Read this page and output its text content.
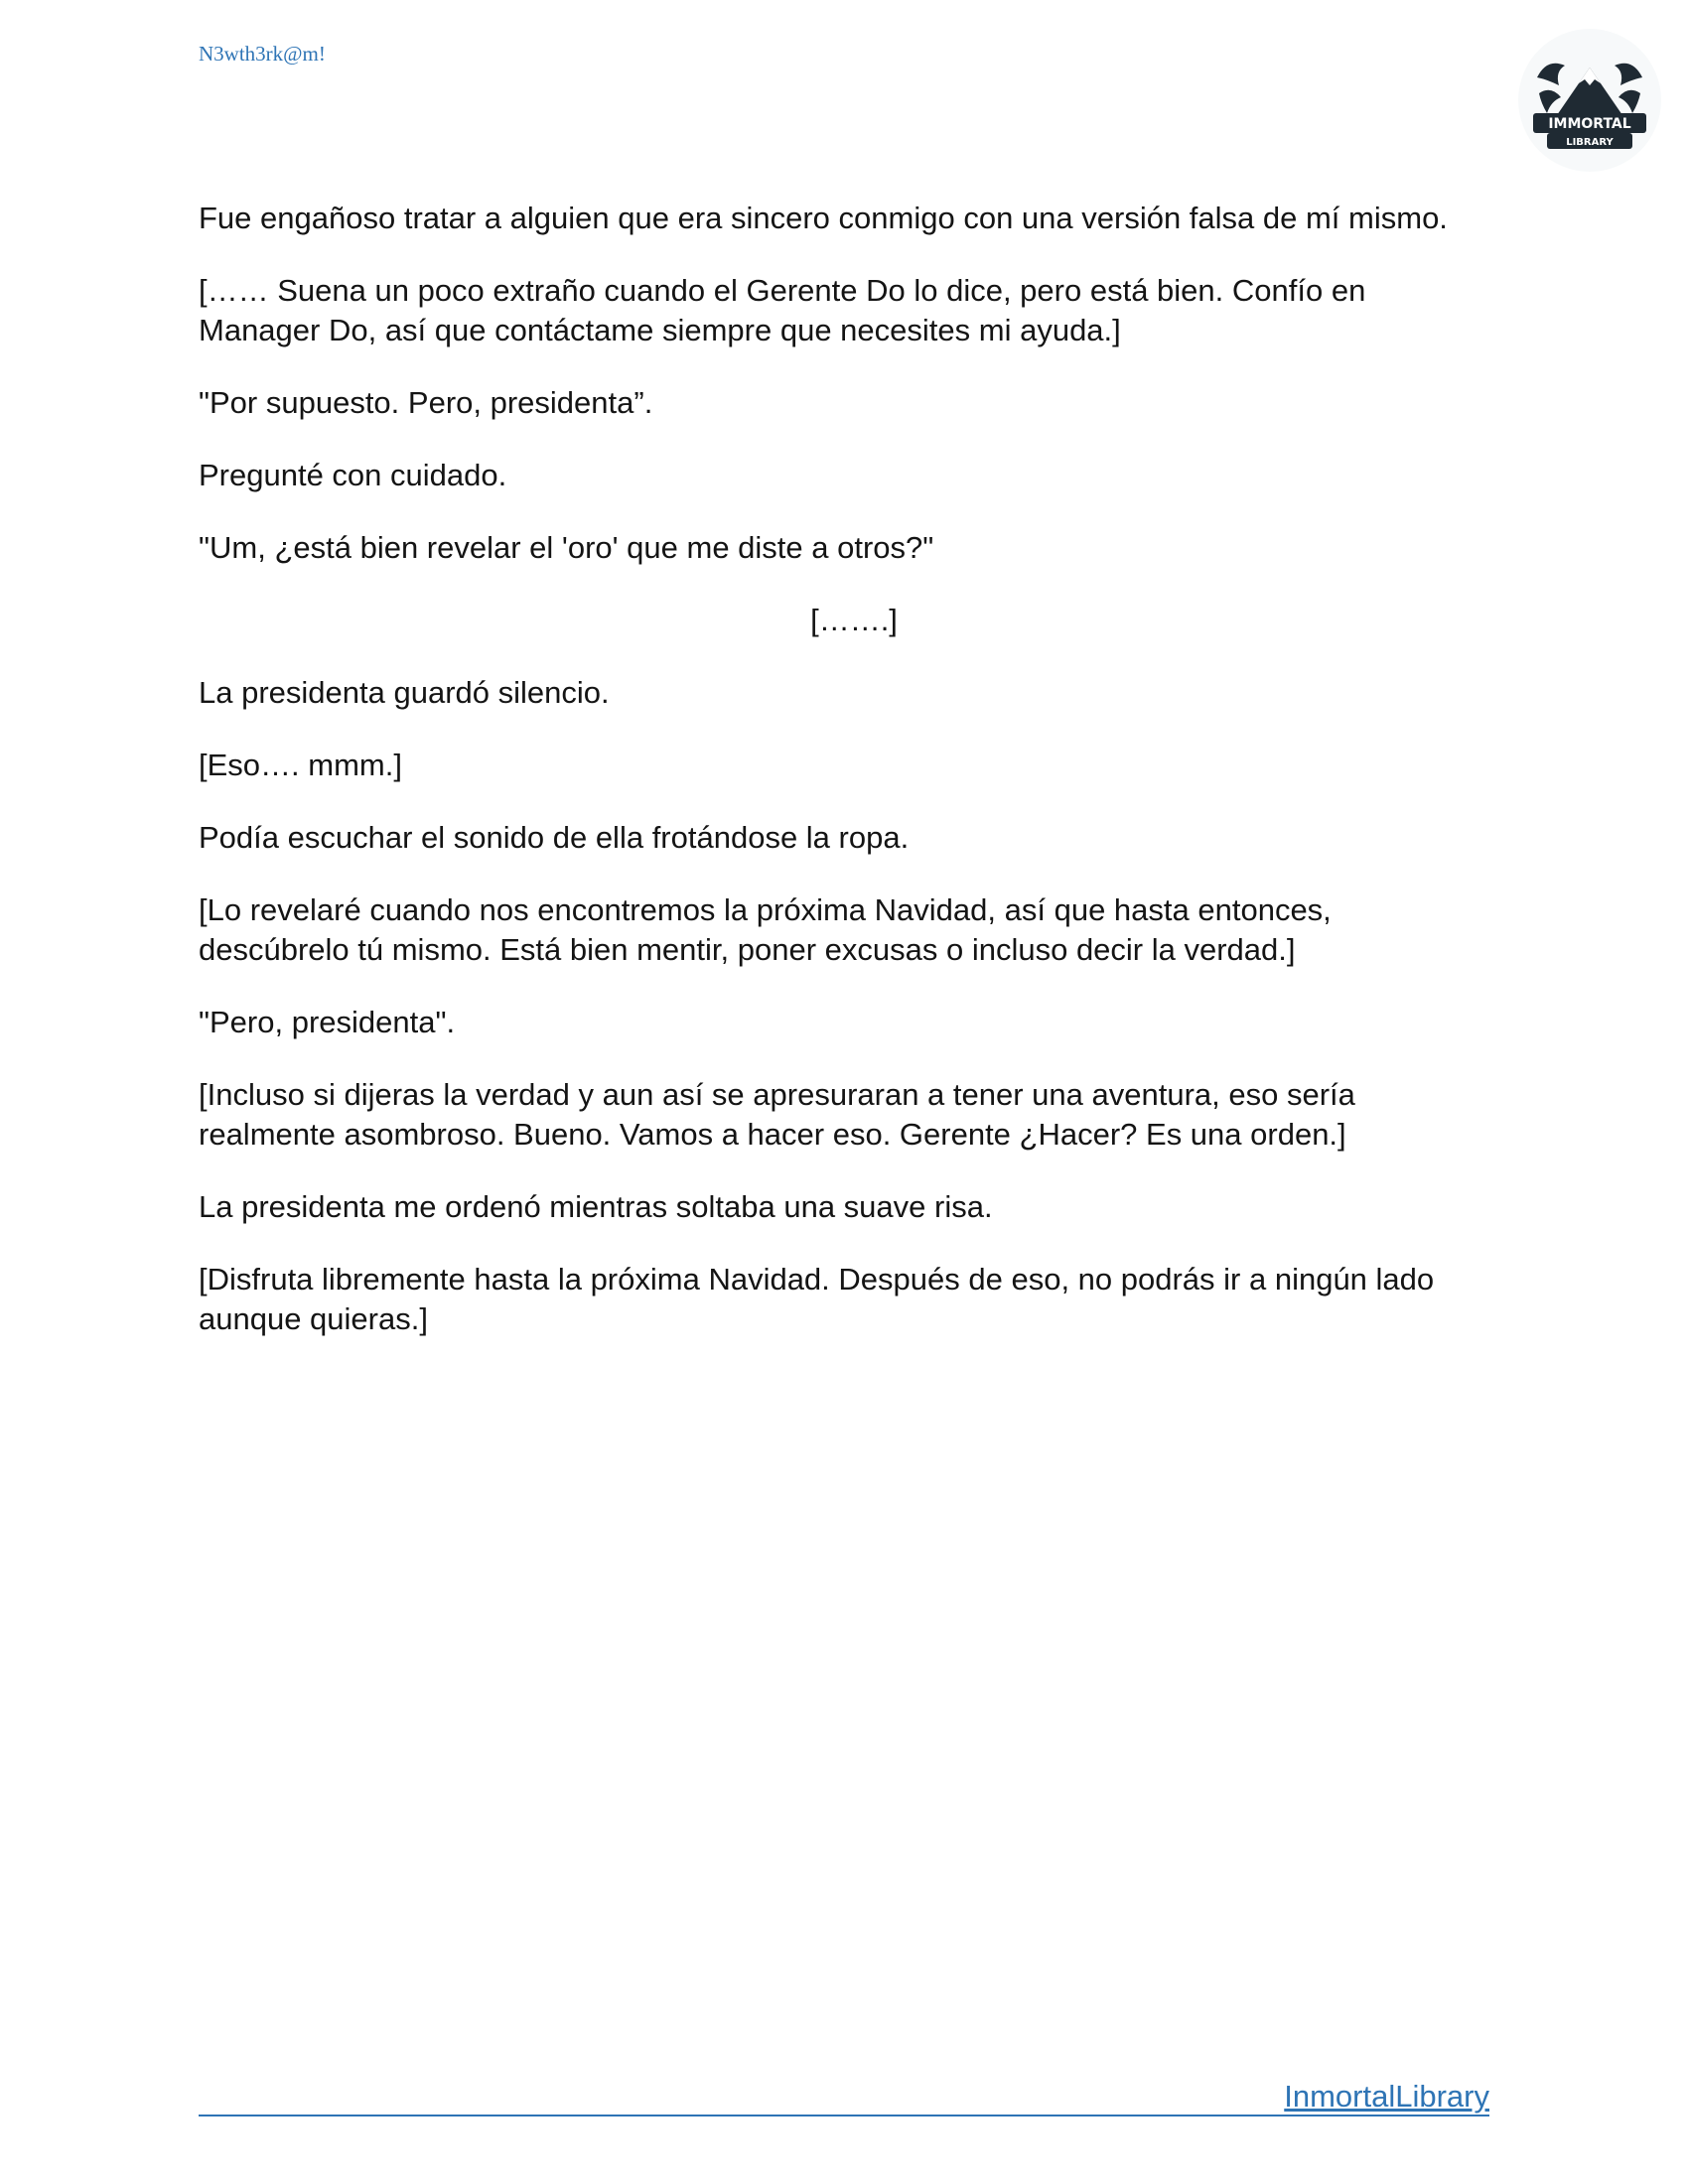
N3wth3rk@m!
IMMORTAL
LIBRARY

Fue engañoso tratar a alguien que era sincero conmigo con una versión falsa de mí mismo.

[…… Suena un poco extraño cuando el Gerente Do lo dice, pero está bien. Confío en Manager Do, así que contáctame siempre que necesites mi ayuda.]

"Por supuesto. Pero, presidenta”.

Pregunté con cuidado.

"Um, ¿está bien revelar el 'oro' que me diste a otros?"

[…….]

La presidenta guardó silencio.

[Eso…. mmm.]

Podía escuchar el sonido de ella frotándose la ropa.

[Lo revelaré cuando nos encontremos la próxima Navidad, así que hasta entonces, descúbrelo tú mismo. Está bien mentir, poner excusas o incluso decir la verdad.]

"Pero, presidenta".

[Incluso si dijeras la verdad y aun así se apresuraran a tener una aventura, eso sería realmente asombroso. Bueno. Vamos a hacer eso. Gerente ¿Hacer? Es una orden.]

La presidenta me ordenó mientras soltaba una suave risa.

[Disfruta libremente hasta la próxima Navidad. Después de eso, no podrás ir a ningún lado aunque quieras.]

InmortalLibrary
